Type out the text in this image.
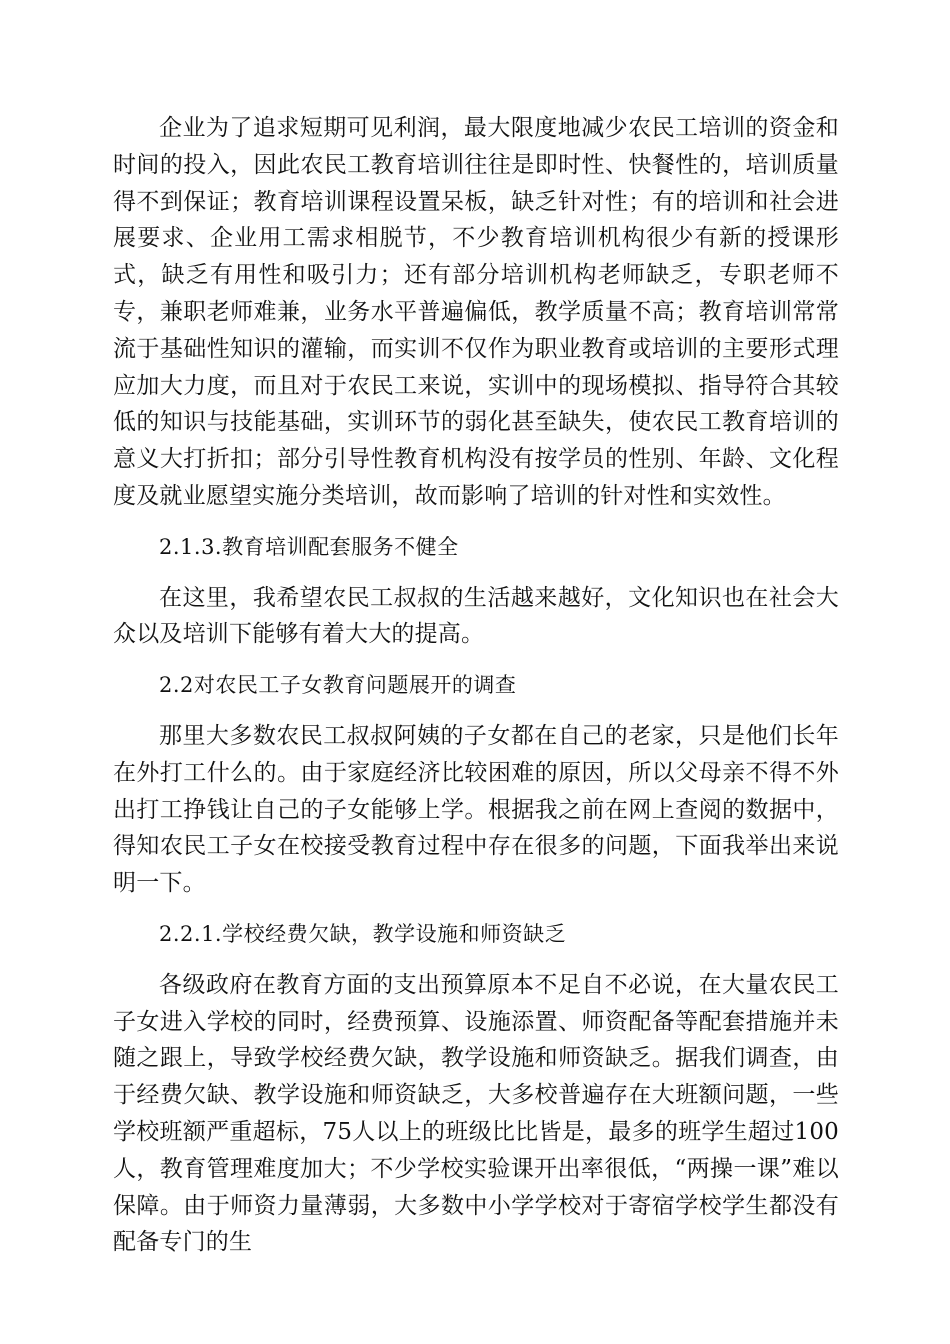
企业为了追求短期可见利润，最大限度地减少农民工培训的资金和时间的投入，因此农民工教育培训往往是即时性、快餐性的，培训质量得不到保证；教育培训课程设置呆板，缺乏针对性；有的培训和社会进展要求、企业用工需求相脱节，不少教育培训机构很少有新的授课形式，缺乏有用性和吸引力；还有部分培训机构老师缺乏，专职老师不专，兼职老师难兼，业务水平普遍偏低，教学质量不高；教育培训常常流于基础性知识的灌输，而实训不仅作为职业教育或培训的主要形式理应加大力度，而且对于农民工来说，实训中的现场模拟、指导符合其较低的知识与技能基础，实训环节的弱化甚至缺失，使农民工教育培训的意义大打折扣；部分引导性教育机构没有按学员的性别、年龄、文化程度及就业愿望实施分类培训，故而影响了培训的针对性和实效性。

2.1.3.教育培训配套服务不健全

在这里，我希望农民工叔叔的生活越来越好，文化知识也在社会大众以及培训下能够有着大大的提高。

2.2对农民工子女教育问题展开的调查

那里大多数农民工叔叔阿姨的子女都在自己的老家，只是他们长年在外打工什么的。由于家庭经济比较困难的原因，所以父母亲不得不外出打工挣钱让自己的子女能够上学。根据我之前在网上查阅的数据中，得知农民工子女在校接受教育过程中存在很多的问题，下面我举出来说明一下。

2.2.1.学校经费欠缺，教学设施和师资缺乏

各级政府在教育方面的支出预算原本不足自不必说，在大量农民工子女进入学校的同时，经费预算、设施添置、师资配备等配套措施并未随之跟上，导致学校经费欠缺，教学设施和师资缺乏。据我们调查，由于经费欠缺、教学设施和师资缺乏，大多校普遍存在大班额问题，一些学校班额严重超标，75人以上的班级比比皆是，最多的班学生超过100人，教育管理难度加大；不少学校实验课开出率很低，“两操一课”难以保障。由于师资力量薄弱，大多数中小学学校对于寄宿学校学生都没有配备专门的生
